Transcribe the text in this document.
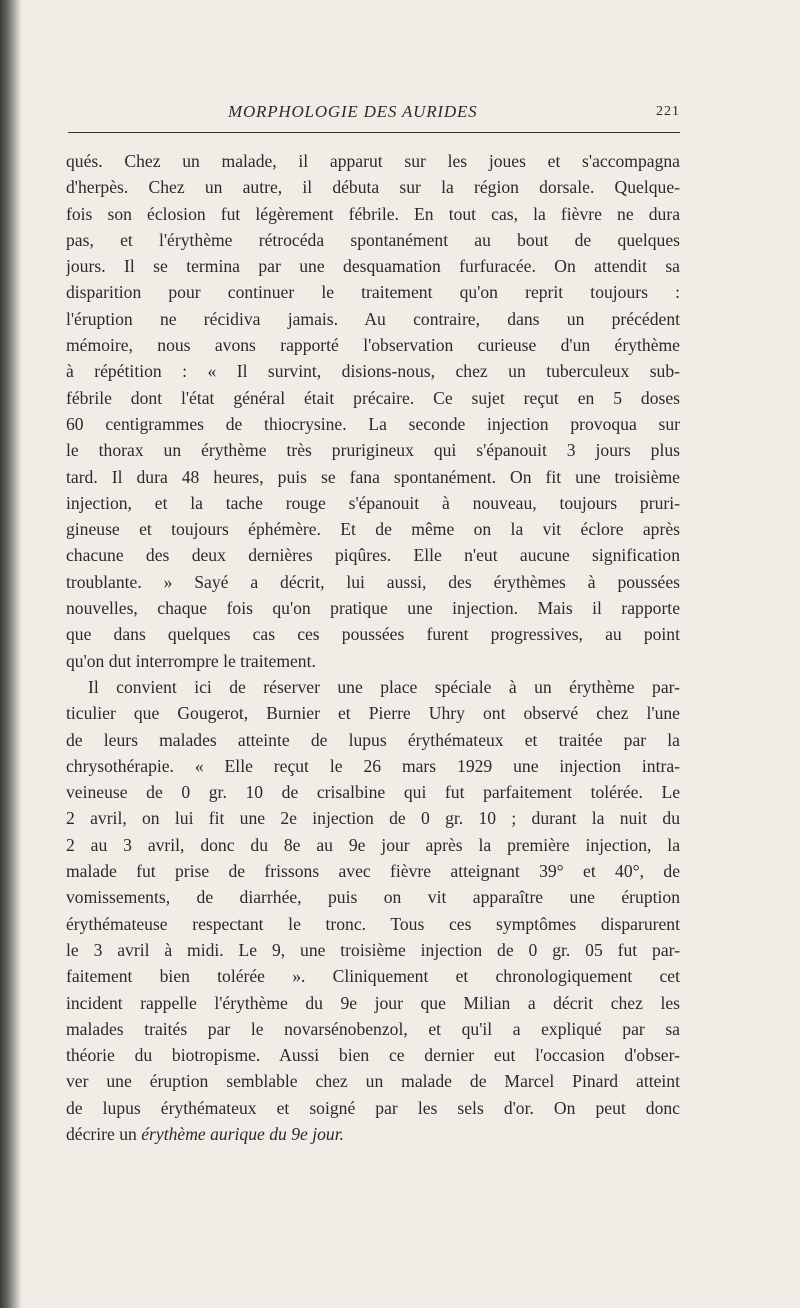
MORPHOLOGIE DES AURIDES	221
qués. Chez un malade, il apparut sur les joues et s'accompagna
d'herpès. Chez un autre, il débuta sur la région dorsale. Quelque-
fois son éclosion fut légèrement fébrile. En tout cas, la fièvre ne dura
pas, et l'érythème rétrocéda spontanément au bout de quelques
jours. Il se termina par une desquamation furfuracée. On attendit sa
disparition pour continuer le traitement qu'on reprit toujours :
l'éruption ne récidiva jamais. Au contraire, dans un précédent
mémoire, nous avons rapporté l'observation curieuse d'un érythème
à répétition : « Il survint, disions-nous, chez un tuberculeux sub-
fébrile dont l'état général était précaire. Ce sujet reçut en 5 doses
60 centigrammes de thiocrysine. La seconde injection provoqua sur
le thorax un érythème très prurigineux qui s'épanouit 3 jours plus
tard. Il dura 48 heures, puis se fana spontanément. On fit une troisième
injection, et la tache rouge s'épanouit à nouveau, toujours pruri-
gineuse et toujours éphémère. Et de même on la vit éclore après
chacune des deux dernières piqûres. Elle n'eut aucune signification
troublante. » Sayé a décrit, lui aussi, des érythèmes à poussées
nouvelles, chaque fois qu'on pratique une injection. Mais il rapporte
que dans quelques cas ces poussées furent progressives, au point
qu'on dut interrompre le traitement.
Il convient ici de réserver une place spéciale à un érythème par-
ticulier que Gougerot, Burnier et Pierre Uhry ont observé chez l'une
de leurs malades atteinte de lupus érythémateux et traitée par la
chrysothérapie. « Elle reçut le 26 mars 1929 une injection intra-
veineuse de 0 gr. 10 de crisalbine qui fut parfaitement tolérée. Le
2 avril, on lui fit une 2e injection de 0 gr. 10 ; durant la nuit du
2 au 3 avril, donc du 8e au 9e jour après la première injection, la
malade fut prise de frissons avec fièvre atteignant 39° et 40°, de
vomissements, de diarrhée, puis on vit apparaître une éruption
érythémateuse respectant le tronc. Tous ces symptômes disparurent
le 3 avril à midi. Le 9, une troisième injection de 0 gr. 05 fut par-
faitement bien tolérée ». Cliniquement et chronologiquement cet
incident rappelle l'érythème du 9e jour que Milian a décrit chez les
malades traités par le novarsénobenzol, et qu'il a expliqué par sa
théorie du biotropisme. Aussi bien ce dernier eut l'occasion d'obser-
ver une éruption semblable chez un malade de Marcel Pinard atteint
de lupus érythémateux et soigné par les sels d'or. On peut donc
décrire un érythème aurique du 9e jour.
